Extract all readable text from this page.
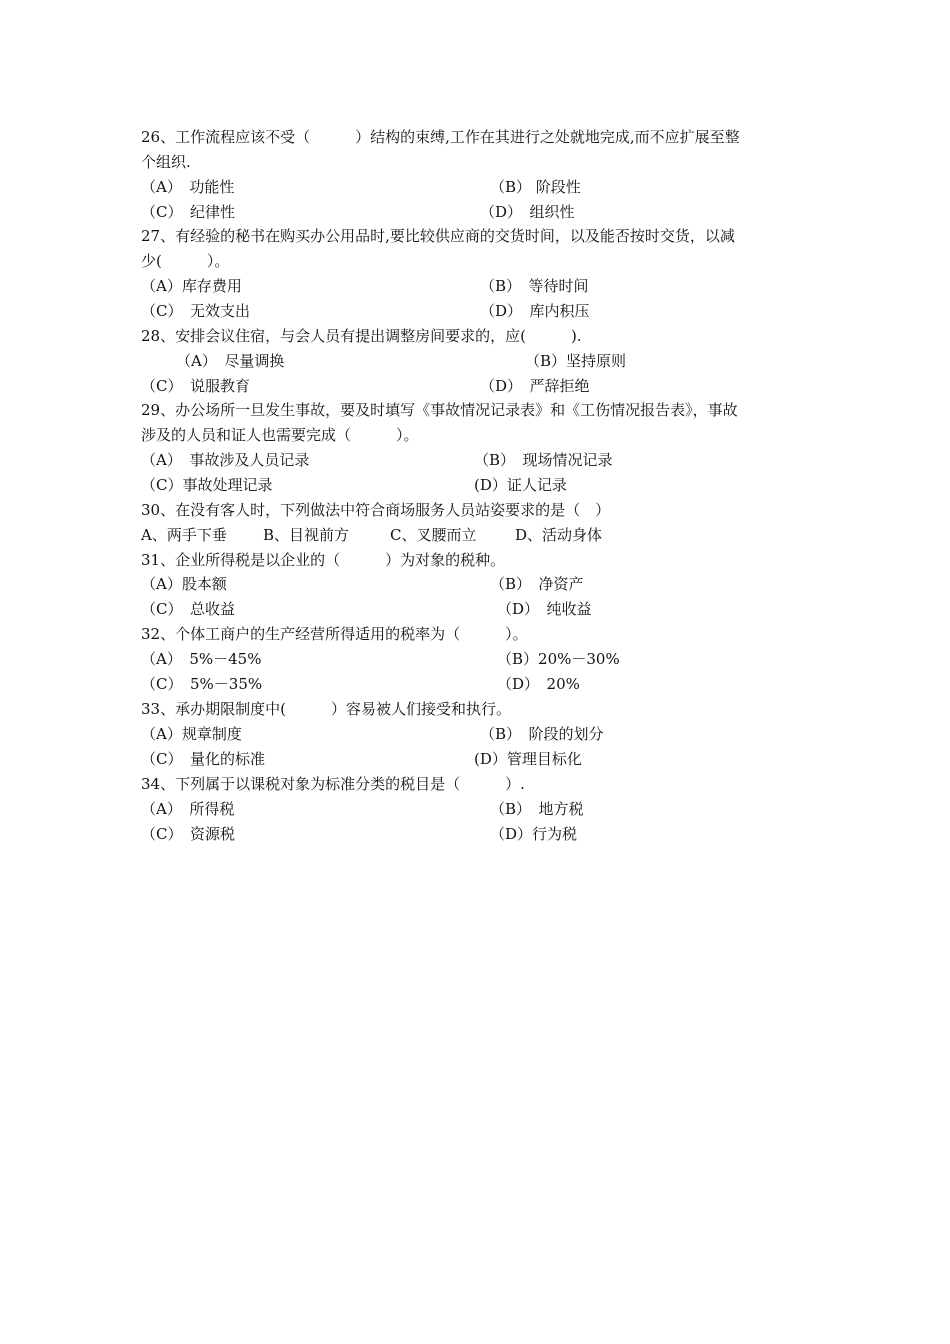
26、工作流程应该不受（　　　）结构的束缚,工作在其进行之处就地完成,而不应扩展至整
个组织.
（A）　功能性	（B） 阶段性
（C）　纪律性	（D）　组织性
27、有经验的秘书在购买办公用品时,要比较供应商的交货时间，以及能否按时交货，以减
少(　　　）。
（A）库存费用	（B）　等待时间
（C）　无效支出	（D）　库内积压
28、安排会议住宿，与会人员有提出调整房间要求的，应(　　　).
（A）　尽量调换	（B）坚持原则
（C）　说服教育	（D）　严辞拒绝
29、办公场所一旦发生事故，要及时填写《事故情况记录表》和《工伤情况报告表》，事故
涉及的人员和证人也需要完成（　　　）。
（A）　事故涉及人员记录	（B）　现场情况记录
（C）事故处理记录	(D）证人记录
30、在没有客人时，下列做法中符合商场服务人员站姿要求的是（　）
A、两手下垂 B、目视前方	C、叉腰而立	D、活动身体
31、企业所得税是以企业的（　　　）为对象的税种。
（A）股本额	（B）　净资产
（C）　总收益	（D）　纯收益
32、个体工商户的生产经营所得适用的税率为（　　　）。
（A）　5%－45%	（B）20%－30%
（C）　5%－35%	（D）　20%
33、承办期限制度中(　　　）容易被人们接受和执行。
（A）规章制度	（B）　阶段的划分
（C）　量化的标准	(D）管理目标化
34、下列属于以课税对象为标准分类的税目是（　　　）.
（A）　所得税	（B）　地方税
（C）　资源税	（D）行为税
